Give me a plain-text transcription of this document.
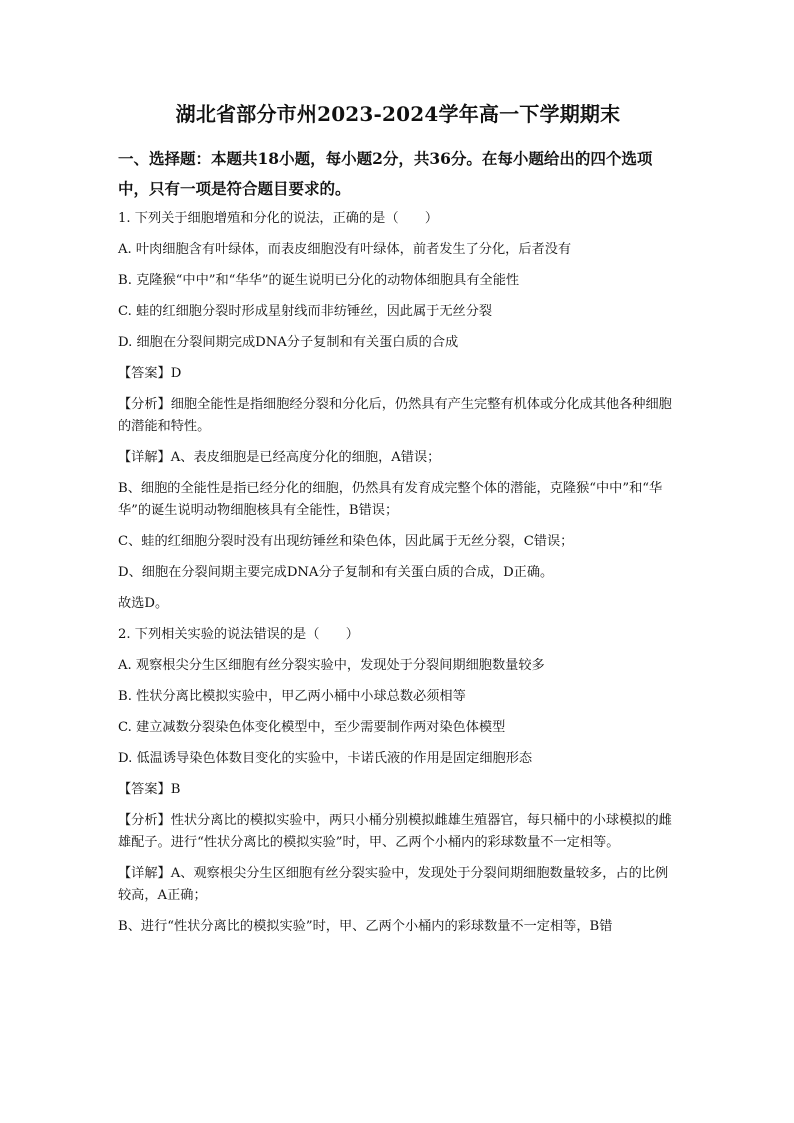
湖北省部分市州2023-2024学年高一下学期期末
一、选择题：本题共18小题，每小题2分，共36分。在每小题给出的四个选项中，只有一项是符合题目要求的。
1. 下列关于细胞增殖和分化的说法，正确的是（　　）
A. 叶肉细胞含有叶绿体，而表皮细胞没有叶绿体，前者发生了分化，后者没有
B. 克隆猴“中中”和“华华”的诞生说明已分化的动物体细胞具有全能性
C. 蛙的红细胞分裂时形成星射线而非纺锤丝，因此属于无丝分裂
D. 细胞在分裂间期完成DNA分子复制和有关蛋白质的合成
【答案】D
【分析】细胞全能性是指细胞经分裂和分化后，仍然具有产生完整有机体或分化成其他各种细胞的潜能和特性。
【详解】A、表皮细胞是已经高度分化的细胞，A错误；
B、细胞的全能性是指已经分化的细胞，仍然具有发育成完整个体的潜能，克隆猴“中中”和“华华”的诞生说明动物细胞核具有全能性，B错误；
C、蛙的红细胞分裂时没有出现纺锤丝和染色体，因此属于无丝分裂，C错误；
D、细胞在分裂间期主要完成DNA分子复制和有关蛋白质的合成，D正确。
故选D。
2. 下列相关实验的说法错误的是（　　）
A. 观察根尖分生区细胞有丝分裂实验中，发现处于分裂间期细胞数量较多
B. 性状分离比模拟实验中，甲乙两小桶中小球总数必须相等
C. 建立减数分裂染色体变化模型中，至少需要制作两对染色体模型
D. 低温诱导染色体数目变化的实验中，卡诺氏液的作用是固定细胞形态
【答案】B
【分析】性状分离比的模拟实验中，两只小桶分别模拟雌雄生殖器官，每只桶中的小球模拟的雌雄配子。进行“性状分离比的模拟实验”时，甲、乙两个小桶内的彩球数量不一定相等。
【详解】A、观察根尖分生区细胞有丝分裂实验中，发现处于分裂间期细胞数量较多，占的比例较高，A正确；
B、进行“性状分离比的模拟实验”时，甲、乙两个小桶内的彩球数量不一定相等，B错
